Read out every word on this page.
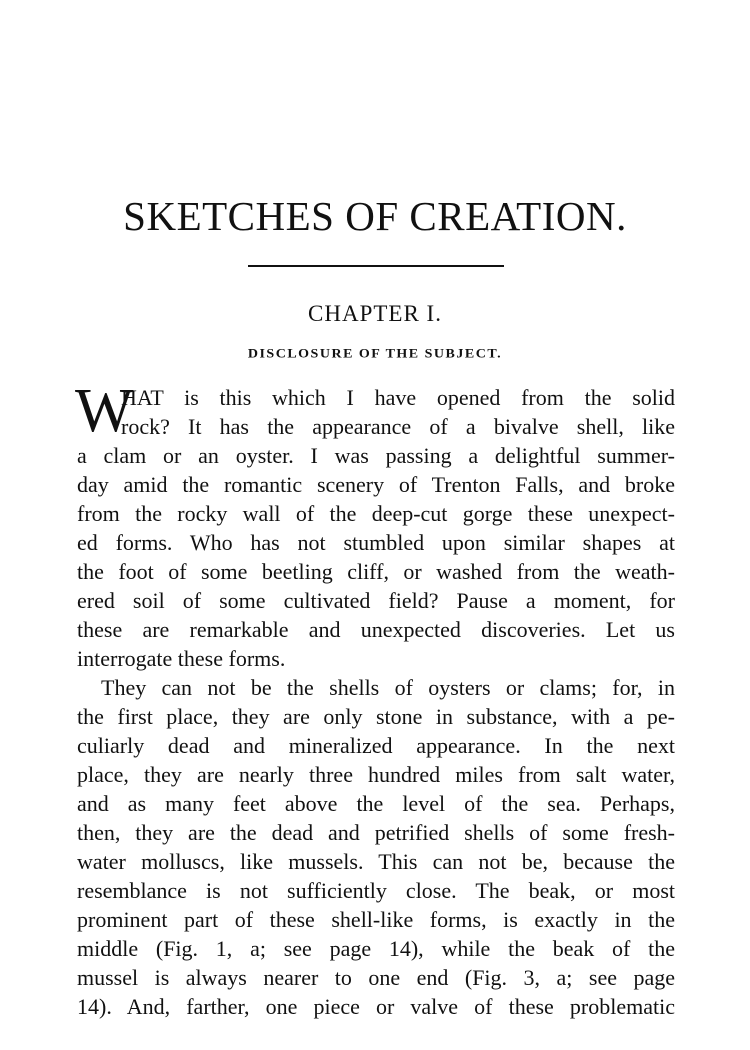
SKETCHES OF CREATION.
CHAPTER I.
DISCLOSURE OF THE SUBJECT.
W
HAT is this which I have opened from the solid
rock? It has the appearance of a bivalve shell, like
a clam or an oyster. I was passing a delightful summer-
day amid the romantic scenery of Trenton Falls, and broke
from the rocky wall of the deep-cut gorge these unexpect-
ed forms. Who has not stumbled upon similar shapes at
the foot of some beetling cliff, or washed from the weath-
ered soil of some cultivated field? Pause a moment, for
these are remarkable and unexpected discoveries. Let us
interrogate these forms.
They can not be the shells of oysters or clams; for, in
the first place, they are only stone in substance, with a pe-
culiarly dead and mineralized appearance. In the next
place, they are nearly three hundred miles from salt water,
and as many feet above the level of the sea. Perhaps,
then, they are the dead and petrified shells of some fresh-
water molluscs, like mussels. This can not be, because the
resemblance is not sufficiently close. The beak, or most
prominent part of these shell-like forms, is exactly in the
middle (Fig. 1, a; see page 14), while the beak of the
mussel is always nearer to one end (Fig. 3, a; see page
14). And, farther, one piece or valve of these problematic
